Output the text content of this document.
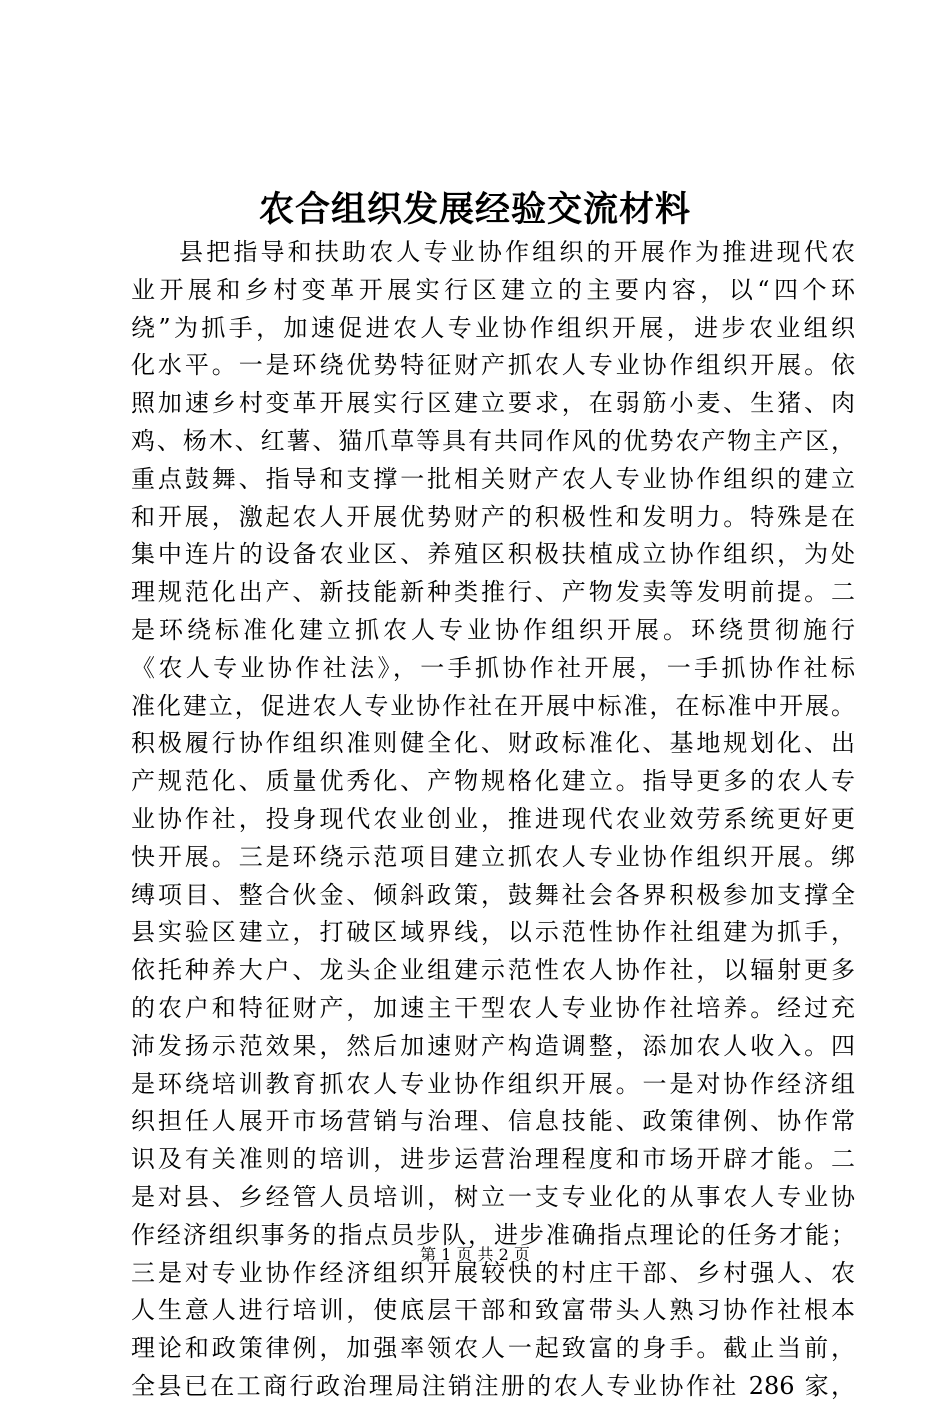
农合组织发展经验交流材料
县把指导和扶助农人专业协作组织的开展作为推进现代农
业开展和乡村变革开展实行区建立的主要内容，以“四个环
绕”为抓手，加速促进农人专业协作组织开展，进步农业组织
化水平。一是环绕优势特征财产抓农人专业协作组织开展。依
照加速乡村变革开展实行区建立要求，在弱筋小麦、生猪、肉
鸡、杨木、红薯、猫爪草等具有共同作风的优势农产物主产区，
重点鼓舞、指导和支撑一批相关财产农人专业协作组织的建立
和开展，激起农人开展优势财产的积极性和发明力。特殊是在
集中连片的设备农业区、养殖区积极扶植成立协作组织，为处
理规范化出产、新技能新种类推行、产物发卖等发明前提。二
是环绕标准化建立抓农人专业协作组织开展。环绕贯彻施行
《农人专业协作社法》，一手抓协作社开展，一手抓协作社标
准化建立，促进农人专业协作社在开展中标准，在标准中开展。
积极履行协作组织准则健全化、财政标准化、基地规划化、出
产规范化、质量优秀化、产物规格化建立。指导更多的农人专
业协作社，投身现代农业创业，推进现代农业效劳系统更好更
快开展。三是环绕示范项目建立抓农人专业协作组织开展。绑
缚项目、整合伙金、倾斜政策，鼓舞社会各界积极参加支撑全
县实验区建立，打破区域界线，以示范性协作社组建为抓手，
依托种养大户、龙头企业组建示范性农人协作社，以辐射更多
的农户和特征财产，加速主干型农人专业协作社培养。经过充
沛发扬示范效果，然后加速财产构造调整，添加农人收入。四
是环绕培训教育抓农人专业协作组织开展。一是对协作经济组
织担任人展开市场营销与治理、信息技能、政策律例、协作常
识及有关准则的培训，进步运营治理程度和市场开辟才能。二
是对县、乡经管人员培训，树立一支专业化的从事农人专业协
作经济组织事务的指点员步队，进步准确指点理论的任务才能；
三是对专业协作经济组织开展较快的村庄干部、乡村强人、农
人生意人进行培训，使底层干部和致富带头人熟习协作社根本
理论和政策律例，加强率领农人一起致富的身手。截止当前，
全县已在工商行政治理局注销注册的农人专业协作社 286 家，
第 1 页 共 2 页
